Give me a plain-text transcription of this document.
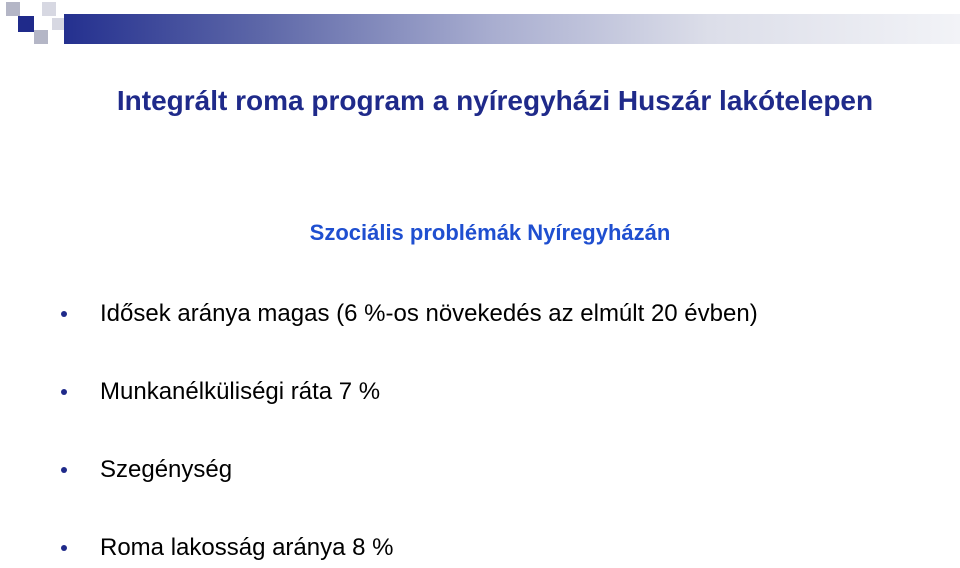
Integrált roma program a nyíregyházi Huszár lakótelepen
Szociális problémák Nyíregyházán
Idősek aránya magas (6 %-os növekedés az elmúlt 20 évben)
Munkanélküliségi ráta 7 %
Szegénység
Roma lakosság aránya 8 %
